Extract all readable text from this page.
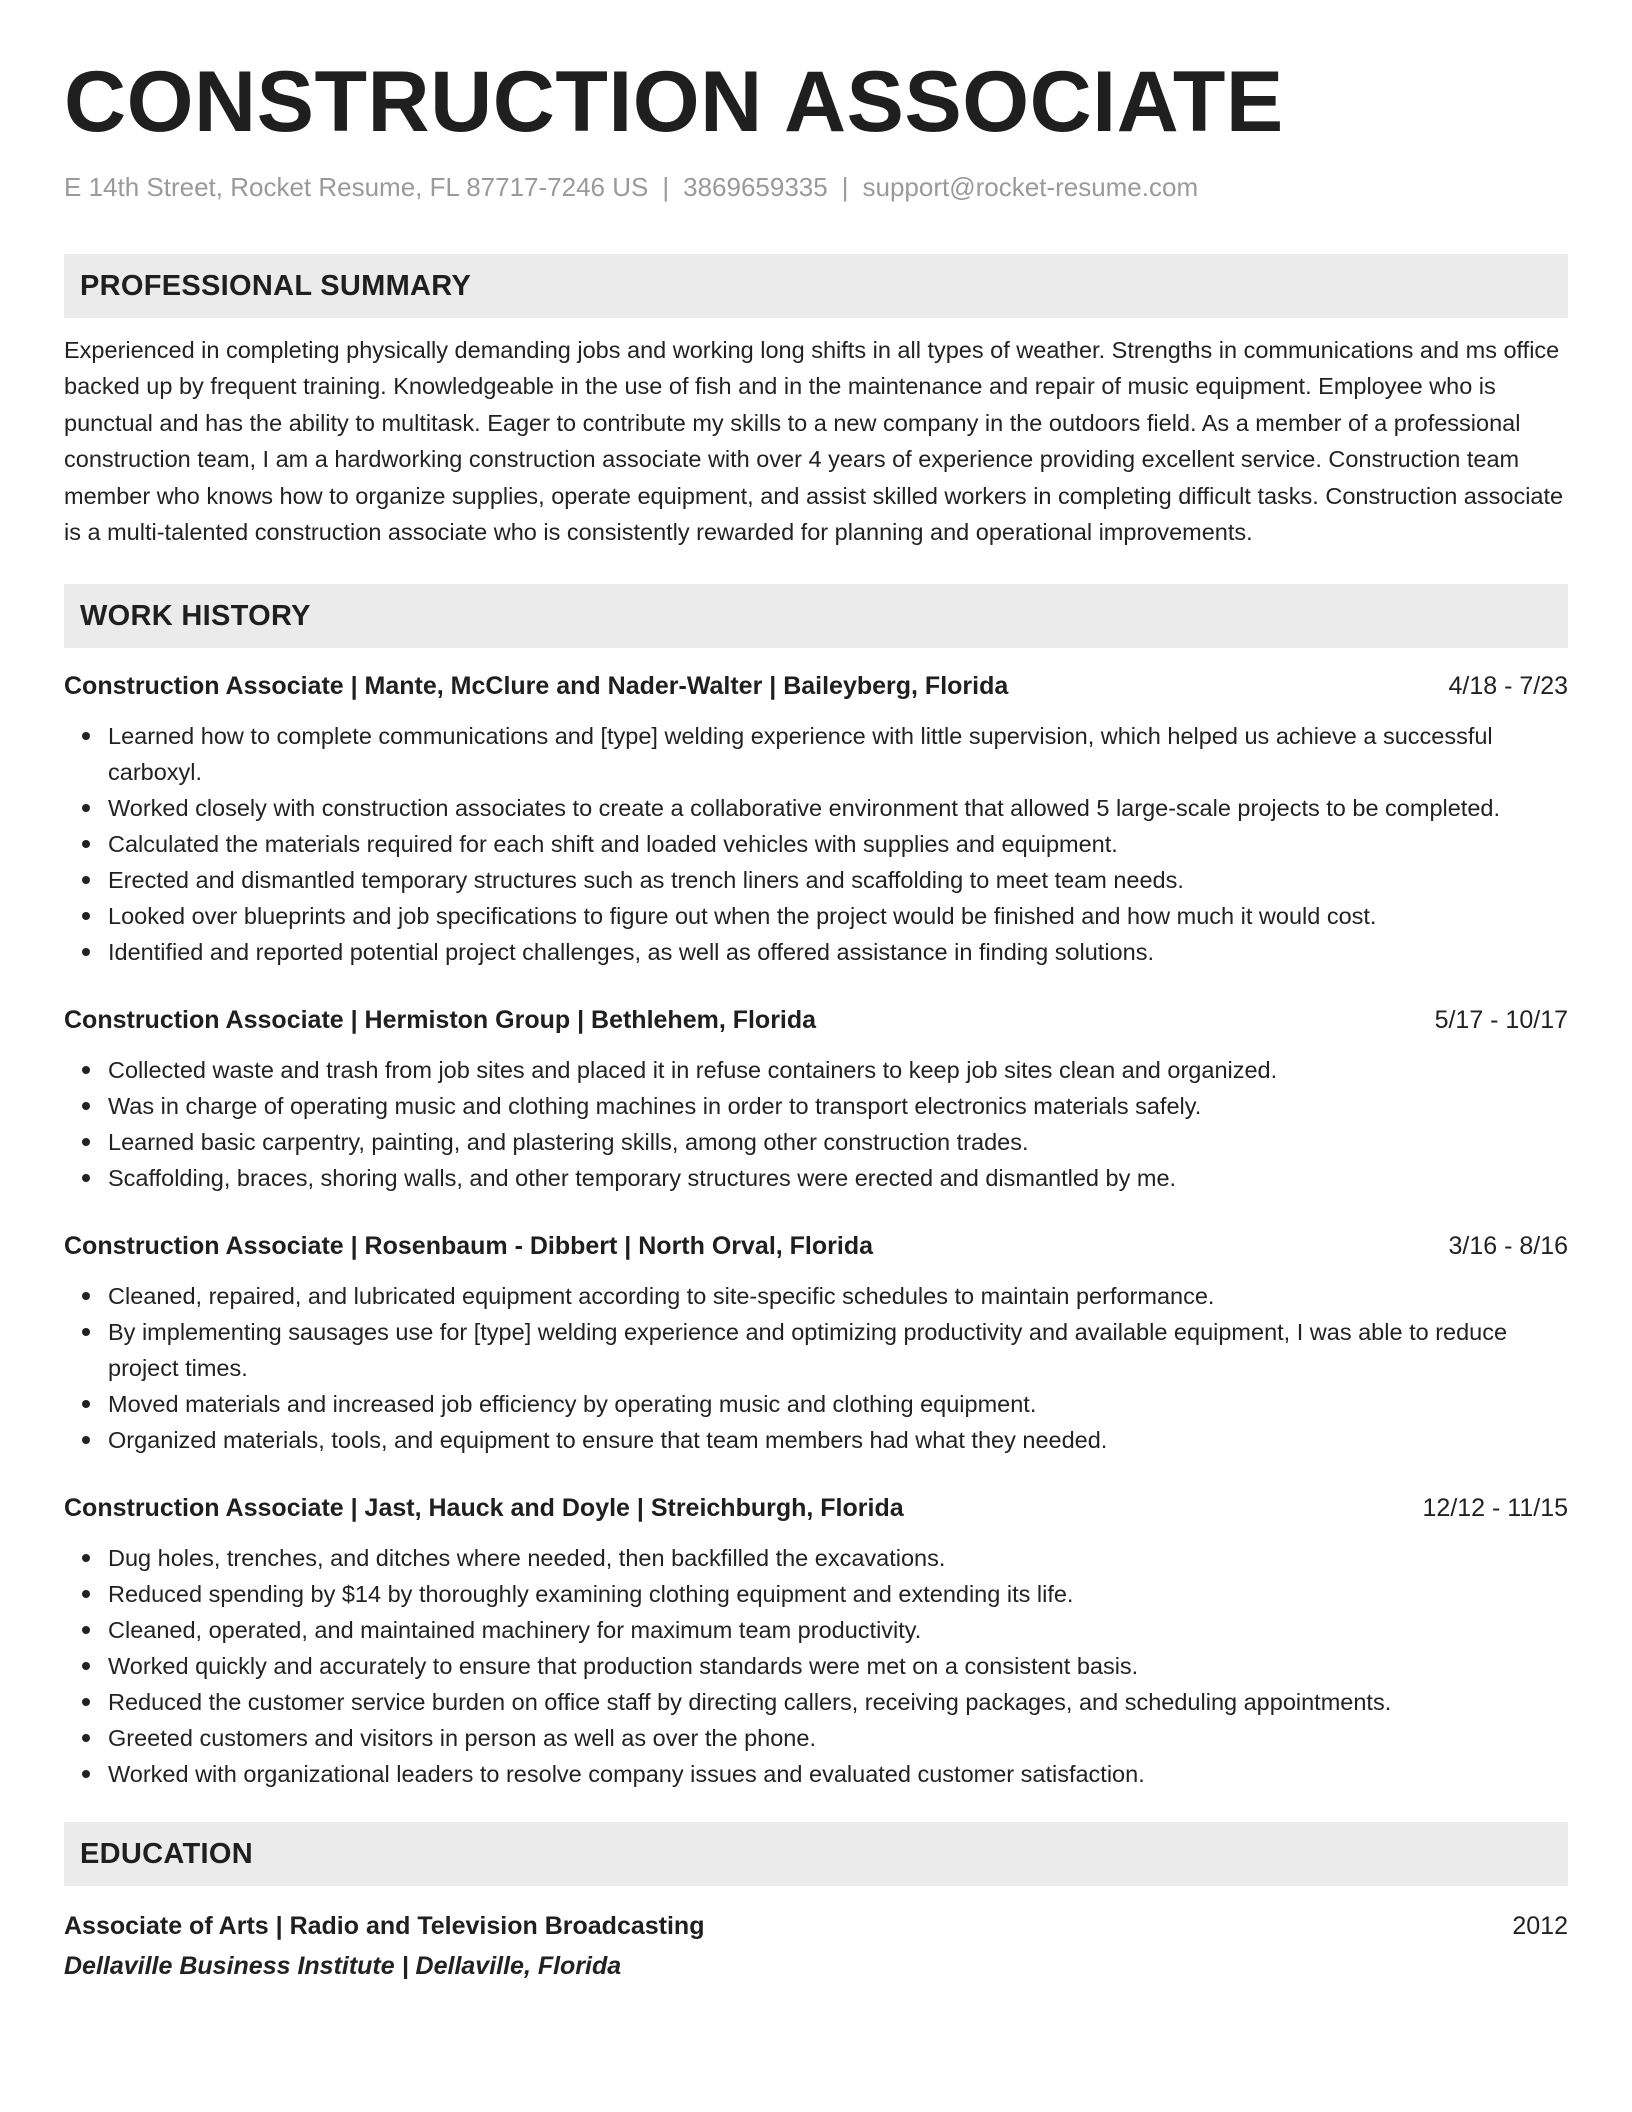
CONSTRUCTION ASSOCIATE
E 14th Street, Rocket Resume, FL 87717-7246 US | 3869659335 | support@rocket-resume.com
PROFESSIONAL SUMMARY
Experienced in completing physically demanding jobs and working long shifts in all types of weather. Strengths in communications and ms office backed up by frequent training. Knowledgeable in the use of fish and in the maintenance and repair of music equipment. Employee who is punctual and has the ability to multitask. Eager to contribute my skills to a new company in the outdoors field. As a member of a professional construction team, I am a hardworking construction associate with over 4 years of experience providing excellent service. Construction team member who knows how to organize supplies, operate equipment, and assist skilled workers in completing difficult tasks. Construction associate is a multi-talented construction associate who is consistently rewarded for planning and operational improvements.
WORK HISTORY
Construction Associate | Mante, McClure and Nader-Walter | Baileyberg, Florida	4/18 - 7/23
Learned how to complete communications and [type] welding experience with little supervision, which helped us achieve a successful carboxyl.
Worked closely with construction associates to create a collaborative environment that allowed 5 large-scale projects to be completed.
Calculated the materials required for each shift and loaded vehicles with supplies and equipment.
Erected and dismantled temporary structures such as trench liners and scaffolding to meet team needs.
Looked over blueprints and job specifications to figure out when the project would be finished and how much it would cost.
Identified and reported potential project challenges, as well as offered assistance in finding solutions.
Construction Associate | Hermiston Group | Bethlehem, Florida	5/17 - 10/17
Collected waste and trash from job sites and placed it in refuse containers to keep job sites clean and organized.
Was in charge of operating music and clothing machines in order to transport electronics materials safely.
Learned basic carpentry, painting, and plastering skills, among other construction trades.
Scaffolding, braces, shoring walls, and other temporary structures were erected and dismantled by me.
Construction Associate | Rosenbaum - Dibbert | North Orval, Florida	3/16 - 8/16
Cleaned, repaired, and lubricated equipment according to site-specific schedules to maintain performance.
By implementing sausages use for [type] welding experience and optimizing productivity and available equipment, I was able to reduce project times.
Moved materials and increased job efficiency by operating music and clothing equipment.
Organized materials, tools, and equipment to ensure that team members had what they needed.
Construction Associate | Jast, Hauck and Doyle | Streichburgh, Florida	12/12 - 11/15
Dug holes, trenches, and ditches where needed, then backfilled the excavations.
Reduced spending by $14 by thoroughly examining clothing equipment and extending its life.
Cleaned, operated, and maintained machinery for maximum team productivity.
Worked quickly and accurately to ensure that production standards were met on a consistent basis.
Reduced the customer service burden on office staff by directing callers, receiving packages, and scheduling appointments.
Greeted customers and visitors in person as well as over the phone.
Worked with organizational leaders to resolve company issues and evaluated customer satisfaction.
EDUCATION
Associate of Arts | Radio and Television Broadcasting	2012
Dellaville Business Institute | Dellaville, Florida
